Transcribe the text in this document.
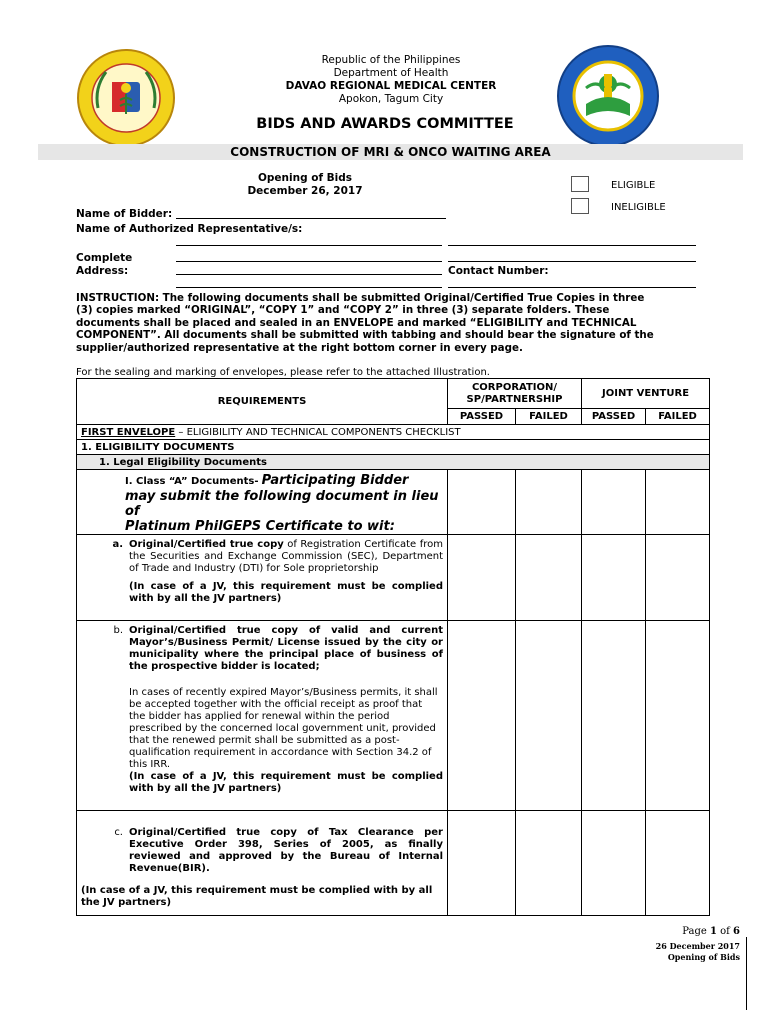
Republic of the Philippines
Department of Health
DAVAO REGIONAL MEDICAL CENTER
Apokon, Tagum City
BIDS AND AWARDS COMMITTEE
CONSTRUCTION OF MRI & ONCO WAITING AREA
Opening of Bids
December 26, 2017	ELIGIBLE
INELIGIBLE
Name of Bidder:
Name of Authorized Representative/s:
Complete
Address:	Contact Number:
INSTRUCTION: The following documents shall be submitted Original/Certified True Copies in three
(3) copies marked “ORIGINAL”, “COPY 1” and “COPY 2” in three (3) separate folders. These
documents shall be placed and sealed in an ENVELOPE and marked “ELIGIBILITY and TECHNICAL
COMPONENT”. All documents shall be submitted with tabbing and should bear the signature of the
supplier/authorized representative at the right bottom corner in every page.
For the sealing and marking of envelopes, please refer to the attached Illustration.
REQUIREMENTS	CORPORATION/ SP/PARTNERSHIP		JOINT VENTURE	
	PASSED	FAILED	PASSED	FAILED
FIRST ENVELOPE – ELIGIBILITY AND TECHNICAL COMPONENTS CHECKLIST				
1. ELIGIBILITY DOCUMENTS				
1. Legal Eligibility Documents				

I. Class “A” Documents- Participating Bidder
may submit the following document in lieu of
Platinum PhilGEPS Certificate to wit:				

a. Original/Certified true copy of Registration Certificate from the Securities and Exchange Commission (SEC), Department of Trade and Industry (DTI) for Sole proprietorship
(In case of a JV, this requirement must be complied with by all the JV partners)				

b. Original/Certified true copy of valid and current Mayor’s/Business Permit/ License issued by the city or municipality where the principal place of business of the prospective bidder is located;
In cases of recently expired Mayor’s/Business permits, it shall be accepted together with the official receipt as proof that the bidder has applied for renewal within the period prescribed by the concerned local government unit, provided that the renewed permit shall be submitted as a post-qualification requirement in accordance with Section 34.2 of this IRR.
(In case of a JV, this requirement must be complied with by all the JV partners)				

c. Original/Certified true copy of Tax Clearance per Executive Order 398, Series of 2005, as finally reviewed and approved by the Bureau of Internal Revenue(BIR).
(In case of a JV, this requirement must be complied with by all the JV partners)				

Page 1 of 6
26 December 2017
Opening of Bids
